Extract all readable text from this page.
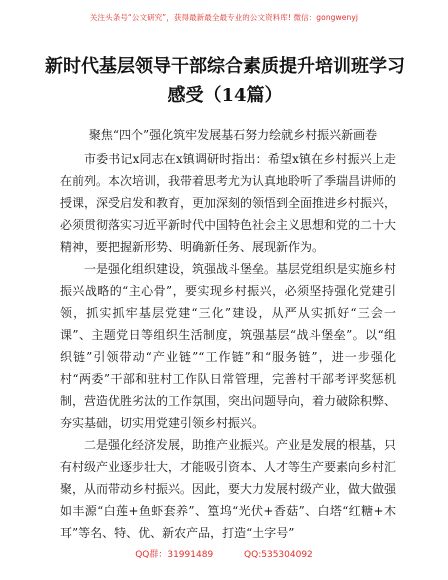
关注头条号“公文研究”，获得最新最全最专业的公文资料库! 微信：gongwenyj
新时代基层领导干部综合素质提升培训班学习
感受（14篇）

聚焦“四个”强化筑牢发展基石努力绘就乡村振兴新画卷

市委书记x同志在x镇调研时指出：希望x镇在乡村振兴上走在前列。本次培训，我带着思考尤为认真地聆听了季瑞昌讲师的授课，深受启发和教育，更加深刻的领悟到全面推进乡村振兴，必须贯彻落实习近平新时代中国特色社会主义思想和党的二十大精神，要把握新形势、明确新任务、展现新作为。

一是强化组织建设，筑强战斗堡垒。基层党组织是实施乡村振兴战略的“主心骨”，要实现乡村振兴，必须坚持强化党建引领，抓实抓牢基层党建“三化”建设，从严从实抓好“三会一课”、主题党日等组织生活制度，筑强基层“战斗堡垒”。以“组织链”引领带动“产业链”“工作链”和“服务链”，进一步强化村“两委”干部和驻村工作队日常管理，完善村干部考评奖惩机制，营造优胜劣汰的工作氛围，突出问题导向，着力破除积弊、夯实基础，切实用党建引领乡村振兴。

二是强化经济发展，助推产业振兴。产业是发展的根基，只有村级产业逐步壮大，才能吸引资本、人才等生产要素向乡村汇聚，从而带动乡村振兴。因此，要大力发展村级产业，做大做强如丰源“白莲+鱼虾套养”、篁坞“光伏+香菇”、白塔“红糖+木耳”等名、特、优、新农产品，打造“土字号”

QQ群：31991489	QQ:535304092
